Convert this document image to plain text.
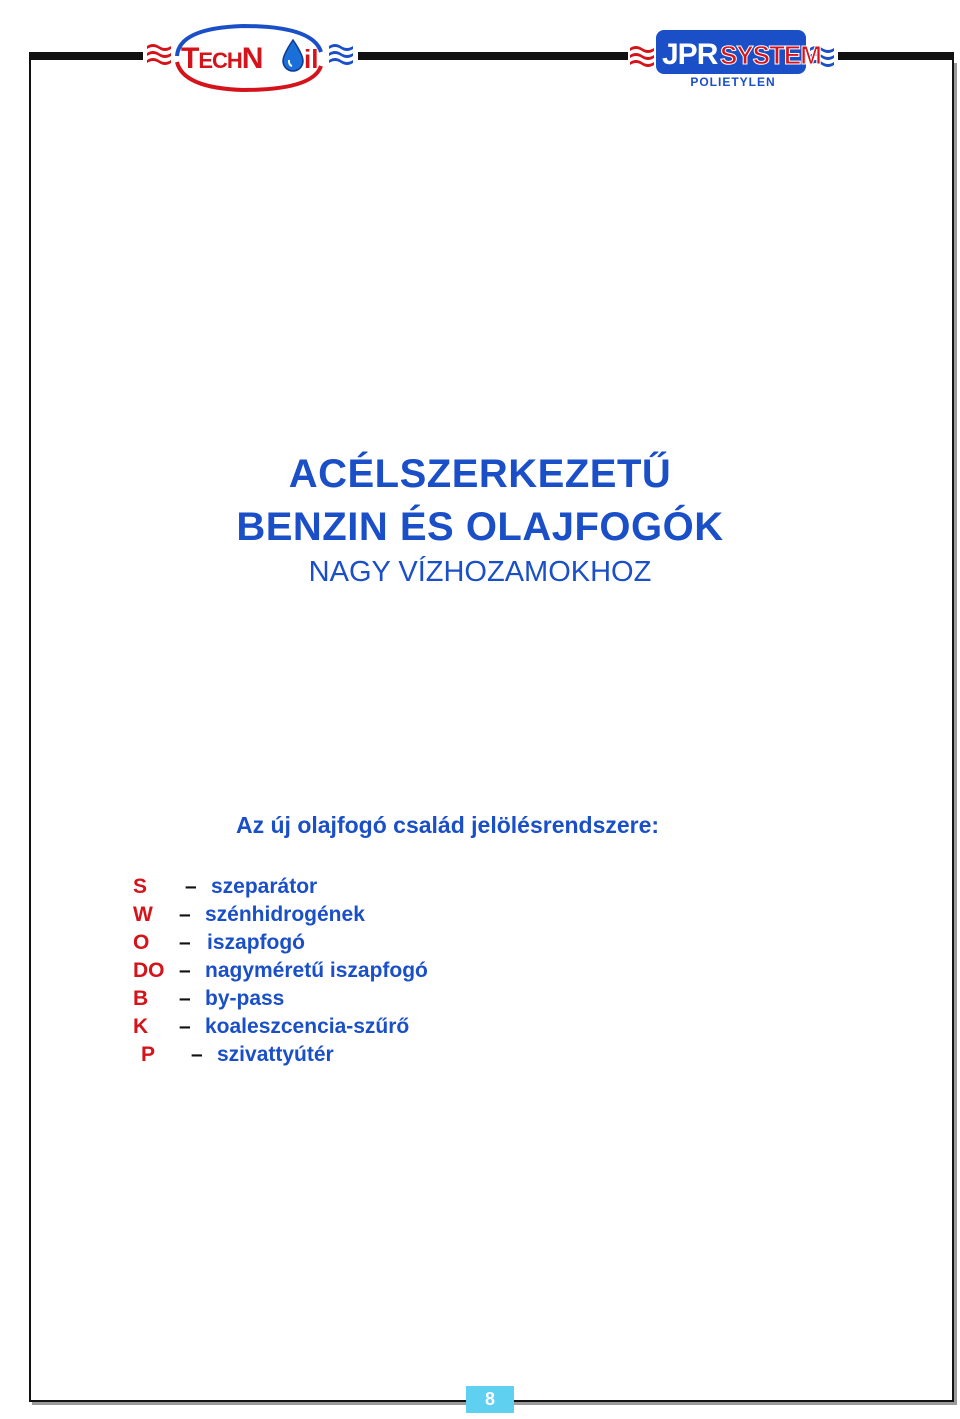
TECHN il	JPR SYSTEM
POLIETYLEN
ACÉLSZERKEZETŰ
BENZIN ÉS OLAJFOGÓK
NAGY VÍZHOZAMOKHOZ

Az új olajfogó család jelölésrendszere:

S – szeparátor
W – szénhidrogének
O – iszapfogó
DO – nagyméretű iszapfogó
B – by-pass
K – koaleszcencia-szűrő
P – szivattyútér
8
